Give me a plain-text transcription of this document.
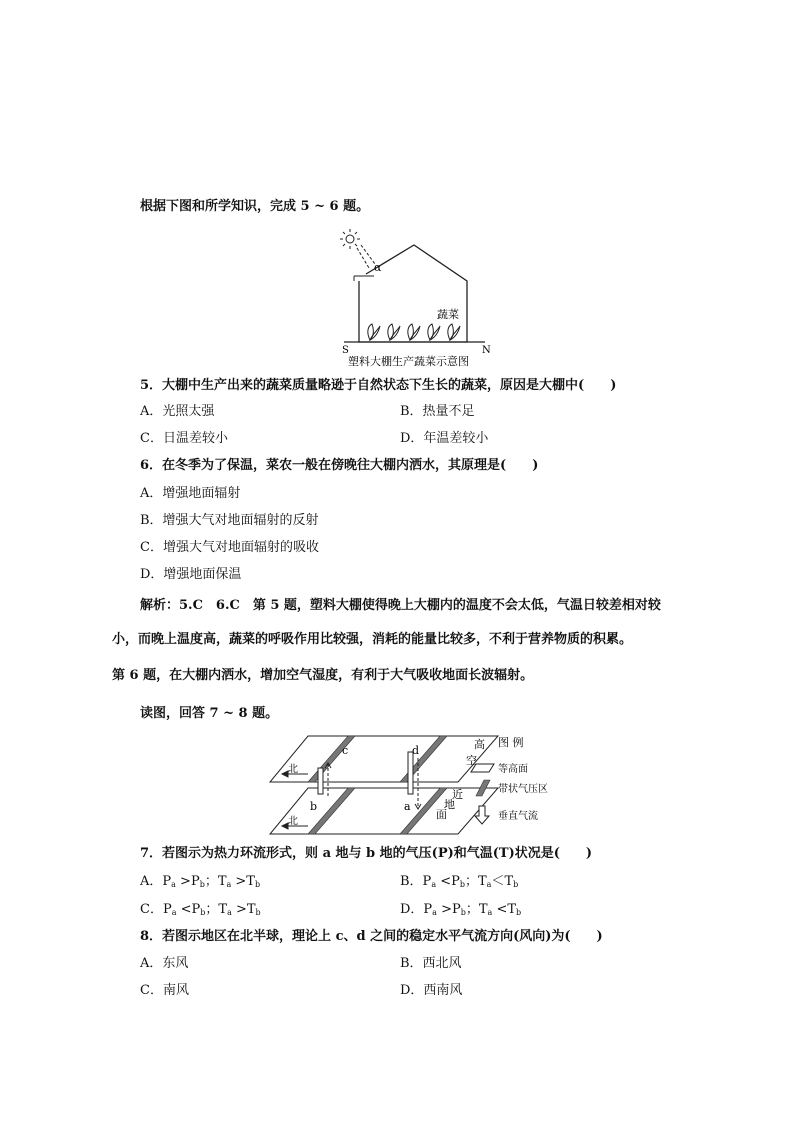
根据下图和所学知识，完成 5 ~ 6 题。
α
蔬菜
S	N
塑料大棚生产蔬菜示意图
5．大棚中生产出来的蔬菜质量略逊于自然状态下生长的蔬菜，原因是大棚中(　　)
A．光照太强	B．热量不足
C．日温差较小	D．年温差较小
6．在冬季为了保温，菜农一般在傍晚往大棚内洒水，其原理是(　　)
A．增强地面辐射
B．增强大气对地面辐射的反射
C．增强大气对地面辐射的吸收
D．增强地面保温
解析：5.C　6.C　第 5 题，塑料大棚使得晚上大棚内的温度不会太低，气温日较差相对较
小，而晚上温度高，蔬菜的呼吸作用比较强，消耗的能量比较多，不利于营养物质的积累。
第 6 题，在大棚内洒水，增加空气湿度，有利于大气吸收地面长波辐射。
读图，回答 7 ~ 8 题。
北
北
c	d
b	a
高
空
近
地
面
图 例
等高面
带状气压区
垂直气流
7．若图示为热力环流形式，则 a 地与 b 地的气压(P)和气温(T)状况是(　　)
A．$P_a >P_b$；$T_a >T_b$	B．$P_a <P_b$；$T_a<T_b$
C．$P_a <P_b$；$T_a >T_b$	D．$P_a >P_b$；$T_a <T_b$
8．若图示地区在北半球，理论上 c、d 之间的稳定水平气流方向(风向)为(　　)
A．东风	B．西北风
C．南风	D．西南风
